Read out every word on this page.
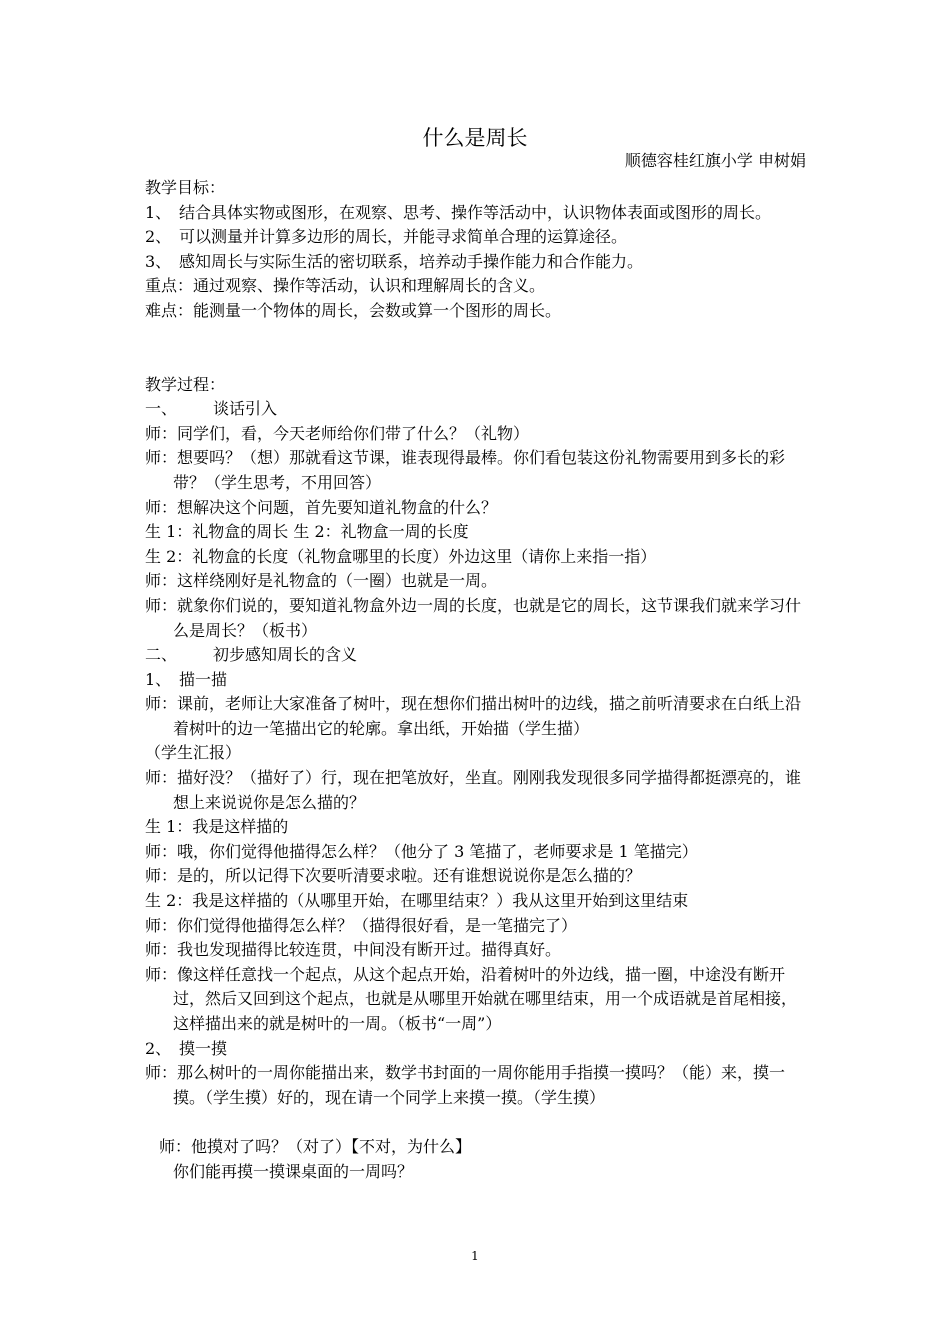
什么是周长
顺德容桂红旗小学 申树娟
教学目标：
1、 结合具体实物或图形，在观察、思考、操作等活动中，认识物体表面或图形的周长。
2、 可以测量并计算多边形的周长，并能寻求简单合理的运算途径。
3、 感知周长与实际生活的密切联系，培养动手操作能力和合作能力。
重点：通过观察、操作等活动，认识和理解周长的含义。
难点：能测量一个物体的周长，会数或算一个图形的周长。
教学过程：
一、 谈话引入
师：同学们，看，今天老师给你们带了什么？（礼物）
师：想要吗？（想）那就看这节课，谁表现得最棒。你们看包装这份礼物需要用到多长的彩带？（学生思考，不用回答）
师：想解决这个问题，首先要知道礼物盒的什么？
生 1：礼物盒的周长 生 2：礼物盒一周的长度
生 2：礼物盒的长度（礼物盒哪里的长度）外边这里（请你上来指一指）
师：这样绕刚好是礼物盒的（一圈）也就是一周。
师：就象你们说的，要知道礼物盒外边一周的长度，也就是它的周长，这节课我们就来学习什么是周长？（板书）
二、 初步感知周长的含义
1、 描一描
师：课前，老师让大家准备了树叶，现在想你们描出树叶的边线，描之前听清要求在白纸上沿着树叶的边一笔描出它的轮廓。拿出纸，开始描（学生描）
（学生汇报）
师：描好没？（描好了）行，现在把笔放好，坐直。刚刚我发现很多同学描得都挺漂亮的，谁想上来说说你是怎么描的？
生 1：我是这样描的
师：哦，你们觉得他描得怎么样？（他分了 3 笔描了，老师要求是 1 笔描完）
师：是的，所以记得下次要听清要求啦。还有谁想说说你是怎么描的？
生 2：我是这样描的（从哪里开始，在哪里结束？）我从这里开始到这里结束
师：你们觉得他描得怎么样？（描得很好看，是一笔描完了）
师：我也发现描得比较连贯，中间没有断开过。描得真好。
师：像这样任意找一个起点，从这个起点开始，沿着树叶的外边线，描一圈，中途没有断开过，然后又回到这个起点，也就是从哪里开始就在哪里结束，用一个成语就是首尾相接，这样描出来的就是树叶的一周。（板书“一周”）
2、 摸一摸
师：那么树叶的一周你能描出来，数学书封面的一周你能用手指摸一摸吗？（能）来，摸一摸。（学生摸）好的，现在请一个同学上来摸一摸。（学生摸）
师：他摸对了吗？（对了）【不对，为什么】
你们能再摸一摸课桌面的一周吗？
1
